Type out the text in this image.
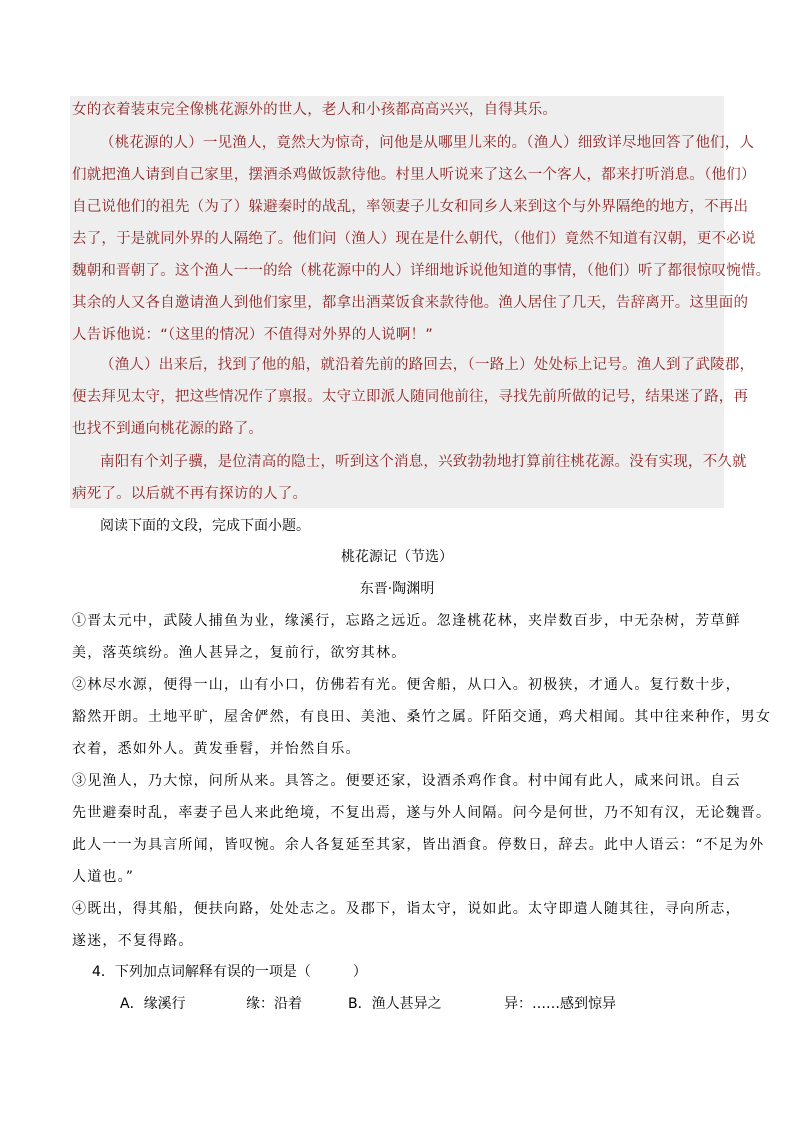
女的衣着装束完全像桃花源外的世人，老人和小孩都高高兴兴，自得其乐。
（桃花源的人）一见渔人，竟然大为惊奇，问他是从哪里儿来的。（渔人）细致详尽地回答了他们，人
们就把渔人请到自己家里，摆酒杀鸡做饭款待他。村里人听说来了这么一个客人，都来打听消息。（他们）
自己说他们的祖先（为了）躲避秦时的战乱，率领妻子儿女和同乡人来到这个与外界隔绝的地方，不再出
去了，于是就同外界的人隔绝了。他们问（渔人）现在是什么朝代，（他们）竟然不知道有汉朝，更不必说
魏朝和晋朝了。这个渔人一一的给（桃花源中的人）详细地诉说他知道的事情，（他们）听了都很惊叹惋惜。
其余的人又各自邀请渔人到他们家里，都拿出酒菜饭食来款待他。渔人居住了几天，告辞离开。这里面的
人告诉他说：“（这里的情况）不值得对外界的人说啊！”
（渔人）出来后，找到了他的船，就沿着先前的路回去，（一路上）处处标上记号。渔人到了武陵郡，
便去拜见太守，把这些情况作了禀报。太守立即派人随同他前往，寻找先前所做的记号，结果迷了路，再
也找不到通向桃花源的路了。
南阳有个刘子骥，是位清高的隐士，听到这个消息，兴致勃勃地打算前往桃花源。没有实现，不久就
病死了。以后就不再有探访的人了。
阅读下面的文段，完成下面小题。
桃花源记（节选）
东晋·陶渊明
①晋太元中，武陵人捕鱼为业，缘溪行，忘路之远近。忽逢桃花林，夹岸数百步，中无杂树，芳草鲜
美，落英缤纷。渔人甚异之，复前行，欲穷其林。
②林尽水源，便得一山，山有小口，仿佛若有光。便舍船，从口入。初极狭，才通人。复行数十步，
豁然开朗。土地平旷，屋舍俨然，有良田、美池、桑竹之属。阡陌交通，鸡犬相闻。其中往来种作，男女
衣着，悉如外人。黄发垂髫，并怡然自乐。
③见渔人，乃大惊，问所从来。具答之。便要还家，设酒杀鸡作食。村中闻有此人，咸来问讯。自云
先世避秦时乱，率妻子邑人来此绝境，不复出焉，遂与外人间隔。问今是何世，乃不知有汉，无论魏晋。
此人一一为具言所闻，皆叹惋。余人各复延至其家，皆出酒食。停数日，辞去。此中人语云：“不足为外
人道也。”
④既出，得其船，便扶向路，处处志之。及郡下，诣太守，说如此。太守即遣人随其往，寻向所志，
遂迷，不复得路。
4．下列加点词解释有误的一项是（　　　）
A．缘溪行	缘：沿着	B．渔人甚异之	异：……感到惊异
